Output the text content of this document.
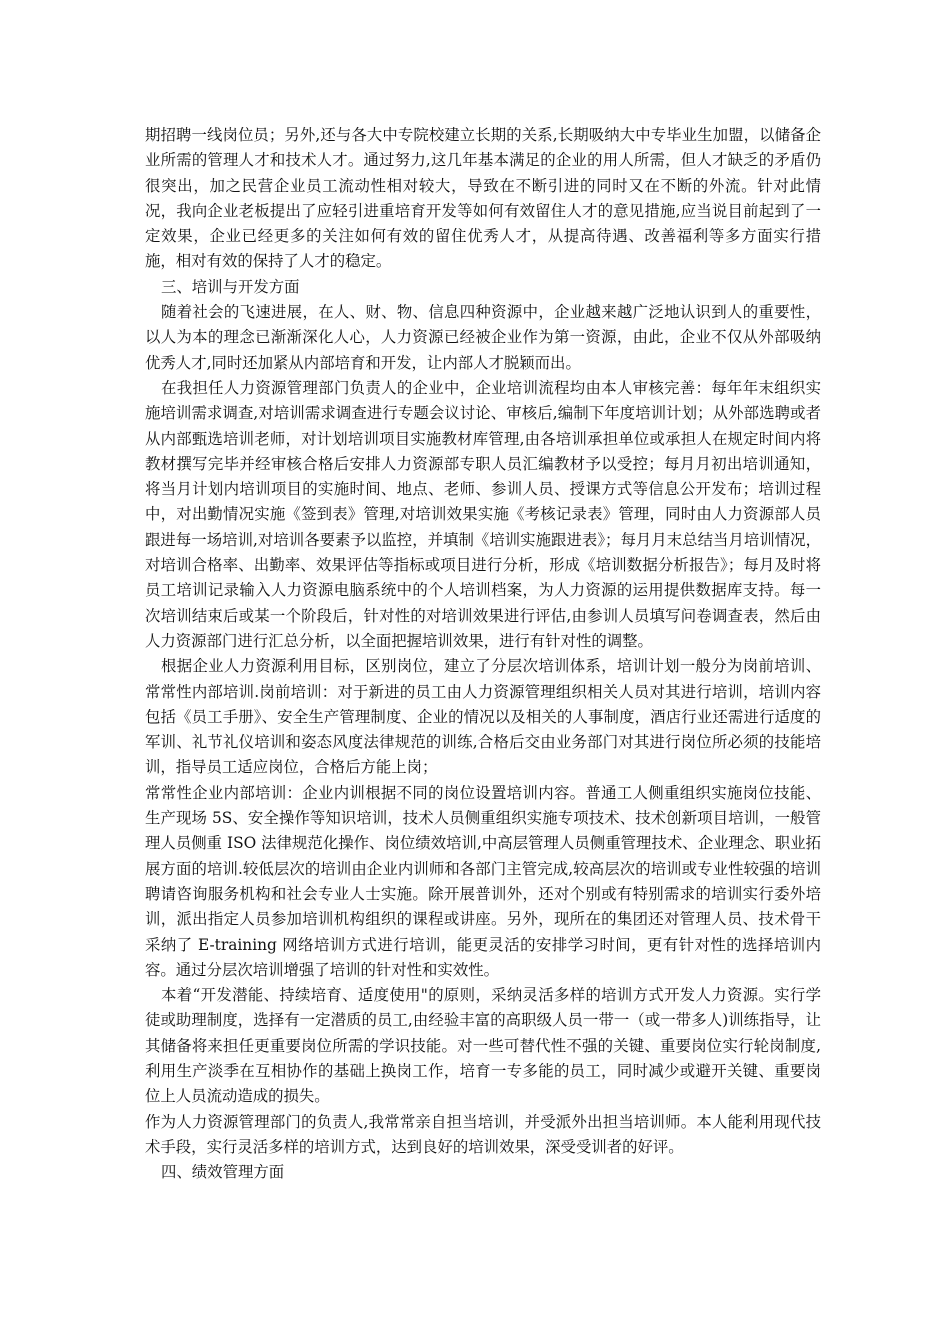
期招聘一线岗位员；另外,还与各大中专院校建立长期的关系,长期吸纳大中专毕业生加盟，以储备企业所需的管理人才和技术人才。通过努力,这几年基本满足的企业的用人所需，但人才缺乏的矛盾仍很突出，加之民营企业员工流动性相对较大，导致在不断引进的同时又在不断的外流。针对此情况，我向企业老板提出了应轻引进重培育开发等如何有效留住人才的意见措施,应当说目前起到了一定效果，企业已经更多的关注如何有效的留住优秀人才，从提高待遇、改善福利等多方面实行措施，相对有效的保持了人才的稳定。

三、培训与开发方面

随着社会的飞速进展，在人、财、物、信息四种资源中，企业越来越广泛地认识到人的重要性，以人为本的理念已渐渐深化人心，人力资源已经被企业作为第一资源，由此，企业不仅从外部吸纳优秀人才,同时还加紧从内部培育和开发，让内部人才脱颖而出。

在我担任人力资源管理部门负责人的企业中，企业培训流程均由本人审核完善：每年年末组织实施培训需求调查,对培训需求调查进行专题会议讨论、审核后,编制下年度培训计划；从外部选聘或者从内部甄选培训老师，对计划培训项目实施教材库管理,由各培训承担单位或承担人在规定时间内将教材撰写完毕并经审核合格后安排人力资源部专职人员汇编教材予以受控；每月月初出培训通知，将当月计划内培训项目的实施时间、地点、老师、参训人员、授课方式等信息公开发布；培训过程中，对出勤情况实施《签到表》管理,对培训效果实施《考核记录表》管理，同时由人力资源部人员跟进每一场培训,对培训各要素予以监控，并填制《培训实施跟进表》；每月月末总结当月培训情况，对培训合格率、出勤率、效果评估等指标或项目进行分析，形成《培训数据分析报告》；每月及时将员工培训记录输入人力资源电脑系统中的个人培训档案，为人力资源的运用提供数据库支持。每一次培训结束后或某一个阶段后，针对性的对培训效果进行评估,由参训人员填写问卷调查表，然后由人力资源部门进行汇总分析，以全面把握培训效果，进行有针对性的调整。

根据企业人力资源利用目标，区别岗位，建立了分层次培训体系，培训计划一般分为岗前培训、常常性内部培训.岗前培训：对于新进的员工由人力资源管理组织相关人员对其进行培训，培训内容包括《员工手册》、安全生产管理制度、企业的情况以及相关的人事制度，酒店行业还需进行适度的军训、礼节礼仪培训和姿态风度法律规范的训练,合格后交由业务部门对其进行岗位所必须的技能培训，指导员工适应岗位，合格后方能上岗；

常常性企业内部培训：企业内训根据不同的岗位设置培训内容。普通工人侧重组织实施岗位技能、生产现场 5S、安全操作等知识培训，技术人员侧重组织实施专项技术、技术创新项目培训，一般管理人员侧重 ISO 法律规范化操作、岗位绩效培训,中高层管理人员侧重管理技术、企业理念、职业拓展方面的培训.较低层次的培训由企业内训师和各部门主管完成,较高层次的培训或专业性较强的培训聘请咨询服务机构和社会专业人士实施。除开展普训外，还对个别或有特别需求的培训实行委外培训，派出指定人员参加培训机构组织的课程或讲座。另外，现所在的集团还对管理人员、技术骨干采纳了 E-training 网络培训方式进行培训，能更灵活的安排学习时间，更有针对性的选择培训内容。通过分层次培训增强了培训的针对性和实效性。

本着“开发潜能、持续培育、适度使用"的原则，采纳灵活多样的培训方式开发人力资源。实行学徒或助理制度，选择有一定潜质的员工,由经验丰富的高职级人员一带一（或一带多人)训练指导，让其储备将来担任更重要岗位所需的学识技能。对一些可替代性不强的关键、重要岗位实行轮岗制度,利用生产淡季在互相协作的基础上换岗工作，培育一专多能的员工，同时减少或避开关键、重要岗位上人员流动造成的损失。

作为人力资源管理部门的负责人,我常常亲自担当培训，并受派外出担当培训师。本人能利用现代技术手段，实行灵活多样的培训方式，达到良好的培训效果，深受受训者的好评。

四、绩效管理方面
